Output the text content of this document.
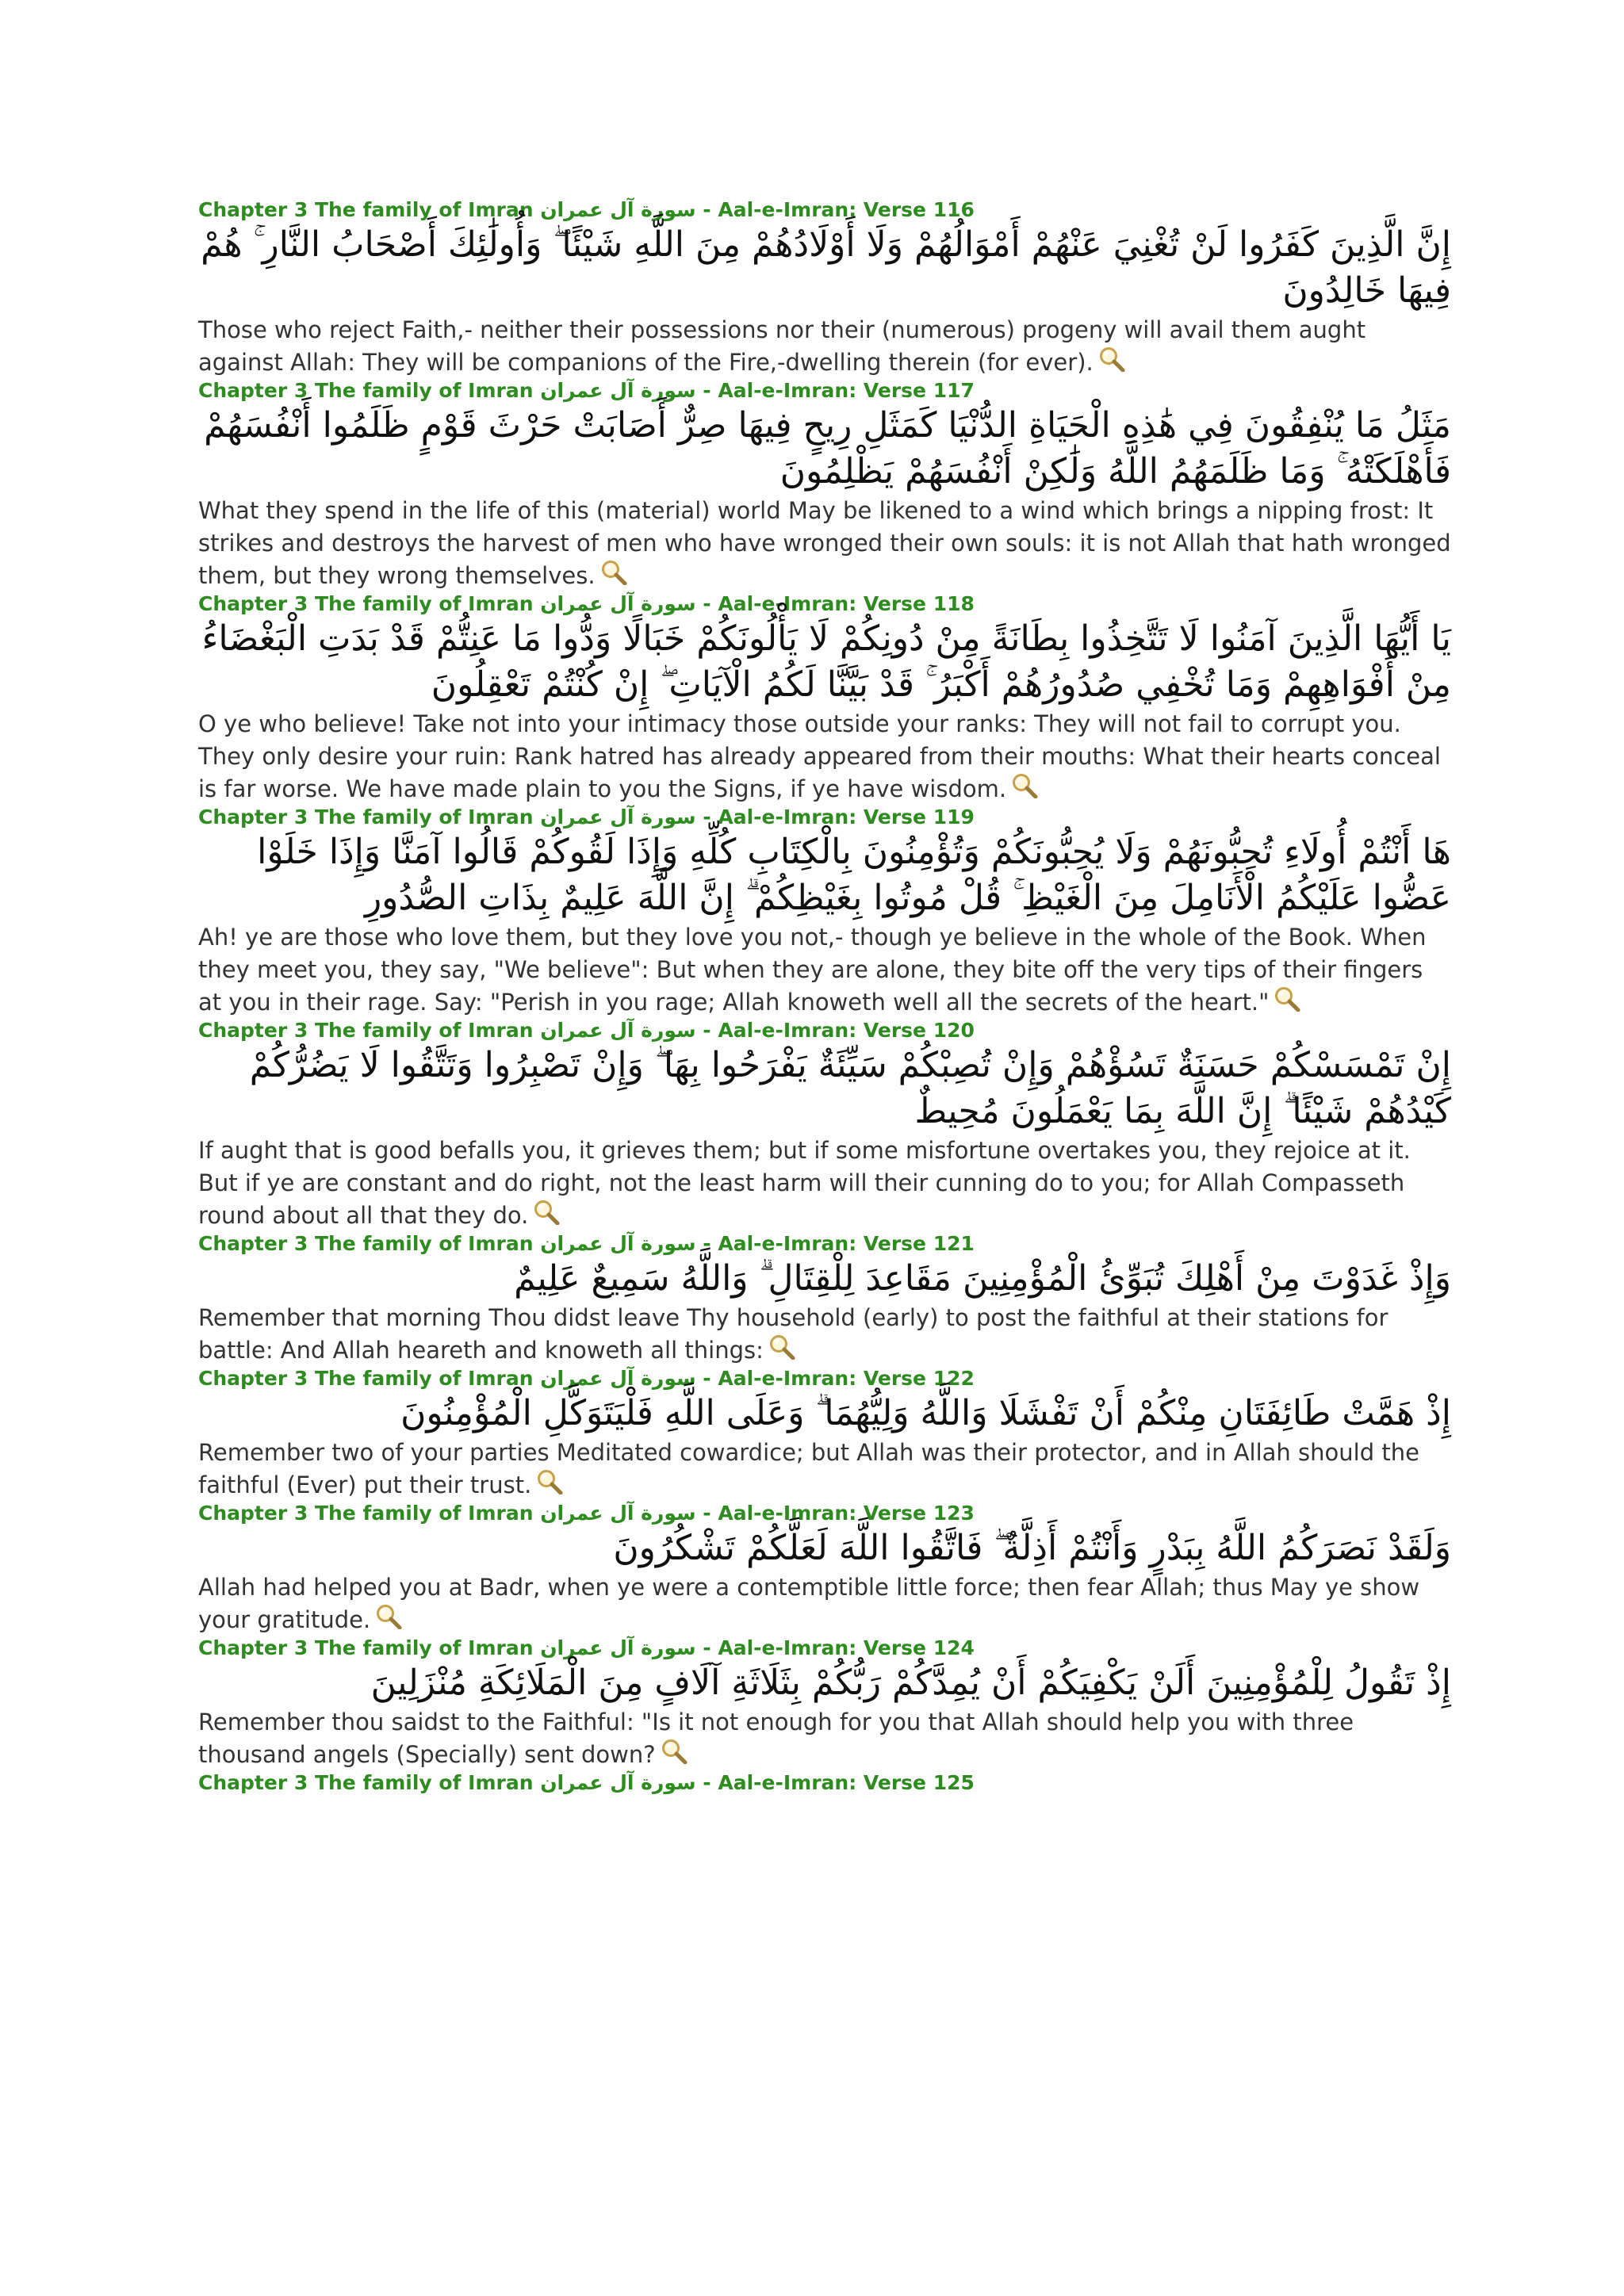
Chapter 3 The family of Imran سورة آل عمران - Aal-e-Imran: Verse 116
إِنَّ الَّذِينَ كَفَرُوا لَنْ تُغْنِيَ عَنْهُمْ أَمْوَالُهُمْ وَلَا أَوْلَادُهُمْ مِنَ اللَّهِ شَيْئًا ۖ وَأُولَٰئِكَ أَصْحَابُ النَّارِ ۚ هُمْ فِيهَا خَالِدُونَ
Those who reject Faith,- neither their possessions nor their (numerous) progeny will avail them aught against Allah: They will be companions of the Fire,-dwelling therein (for ever).
Chapter 3 The family of Imran سورة آل عمران - Aal-e-Imran: Verse 117
مَثَلُ مَا يُنْفِقُونَ فِي هَٰذِهِ الْحَيَاةِ الدُّنْيَا كَمَثَلِ رِيحٍ فِيهَا صِرٌّ أَصَابَتْ حَرْثَ قَوْمٍ ظَلَمُوا أَنْفُسَهُمْ فَأَهْلَكَتْهُ ۚ وَمَا ظَلَمَهُمُ اللَّهُ وَلَٰكِنْ أَنْفُسَهُمْ يَظْلِمُونَ
What they spend in the life of this (material) world May be likened to a wind which brings a nipping frost: It strikes and destroys the harvest of men who have wronged their own souls: it is not Allah that hath wronged them, but they wrong themselves.
Chapter 3 The family of Imran سورة آل عمران - Aal-e-Imran: Verse 118
يَا أَيُّهَا الَّذِينَ آمَنُوا لَا تَتَّخِذُوا بِطَانَةً مِنْ دُونِكُمْ لَا يَأْلُونَكُمْ خَبَالًا وَدُّوا مَا عَنِتُّمْ قَدْ بَدَتِ الْبَغْضَاءُ مِنْ أَفْوَاهِهِمْ وَمَا تُخْفِي صُدُورُهُمْ أَكْبَرُ ۚ قَدْ بَيَّنَّا لَكُمُ الْآيَاتِ ۖ إِنْ كُنْتُمْ تَعْقِلُونَ
O ye who believe! Take not into your intimacy those outside your ranks: They will not fail to corrupt you. They only desire your ruin: Rank hatred has already appeared from their mouths: What their hearts conceal is far worse. We have made plain to you the Signs, if ye have wisdom.
Chapter 3 The family of Imran سورة آل عمران - Aal-e-Imran: Verse 119
هَا أَنْتُمْ أُولَاءِ تُحِبُّونَهُمْ وَلَا يُحِبُّونَكُمْ وَتُؤْمِنُونَ بِالْكِتَابِ كُلِّهِ وَإِذَا لَقُوكُمْ قَالُوا آمَنَّا وَإِذَا خَلَوْا عَضُّوا عَلَيْكُمُ الْأَنَامِلَ مِنَ الْغَيْظِ ۚ قُلْ مُوتُوا بِغَيْظِكُمْ ۗ إِنَّ اللَّهَ عَلِيمٌ بِذَاتِ الصُّدُورِ
Ah! ye are those who love them, but they love you not,- though ye believe in the whole of the Book. When they meet you, they say, "We believe": But when they are alone, they bite off the very tips of their fingers at you in their rage. Say: "Perish in you rage; Allah knoweth well all the secrets of the heart."
Chapter 3 The family of Imran سورة آل عمران - Aal-e-Imran: Verse 120
إِنْ تَمْسَسْكُمْ حَسَنَةٌ تَسُؤْهُمْ وَإِنْ تُصِبْكُمْ سَيِّئَةٌ يَفْرَحُوا بِهَا ۖ وَإِنْ تَصْبِرُوا وَتَتَّقُوا لَا يَضُرُّكُمْ كَيْدُهُمْ شَيْئًا ۗ إِنَّ اللَّهَ بِمَا يَعْمَلُونَ مُحِيطٌ
If aught that is good befalls you, it grieves them; but if some misfortune overtakes you, they rejoice at it. But if ye are constant and do right, not the least harm will their cunning do to you; for Allah Compasseth round about all that they do.
Chapter 3 The family of Imran سورة آل عمران - Aal-e-Imran: Verse 121
وَإِذْ غَدَوْتَ مِنْ أَهْلِكَ تُبَوِّئُ الْمُؤْمِنِينَ مَقَاعِدَ لِلْقِتَالِ ۗ وَاللَّهُ سَمِيعٌ عَلِيمٌ
Remember that morning Thou didst leave Thy household (early) to post the faithful at their stations for battle: And Allah heareth and knoweth all things:
Chapter 3 The family of Imran سورة آل عمران - Aal-e-Imran: Verse 122
إِذْ هَمَّتْ طَائِفَتَانِ مِنْكُمْ أَنْ تَفْشَلَا وَاللَّهُ وَلِيُّهُمَا ۗ وَعَلَى اللَّهِ فَلْيَتَوَكَّلِ الْمُؤْمِنُونَ
Remember two of your parties Meditated cowardice; but Allah was their protector, and in Allah should the faithful (Ever) put their trust.
Chapter 3 The family of Imran سورة آل عمران - Aal-e-Imran: Verse 123
وَلَقَدْ نَصَرَكُمُ اللَّهُ بِبَدْرٍ وَأَنْتُمْ أَذِلَّةٌ ۖ فَاتَّقُوا اللَّهَ لَعَلَّكُمْ تَشْكُرُونَ
Allah had helped you at Badr, when ye were a contemptible little force; then fear Allah; thus May ye show your gratitude.
Chapter 3 The family of Imran سورة آل عمران - Aal-e-Imran: Verse 124
إِذْ تَقُولُ لِلْمُؤْمِنِينَ أَلَنْ يَكْفِيَكُمْ أَنْ يُمِدَّكُمْ رَبُّكُمْ بِثَلَاثَةِ آلَافٍ مِنَ الْمَلَائِكَةِ مُنْزَلِينَ
Remember thou saidst to the Faithful: "Is it not enough for you that Allah should help you with three thousand angels (Specially) sent down?
Chapter 3 The family of Imran سورة آل عمران - Aal-e-Imran: Verse 125
